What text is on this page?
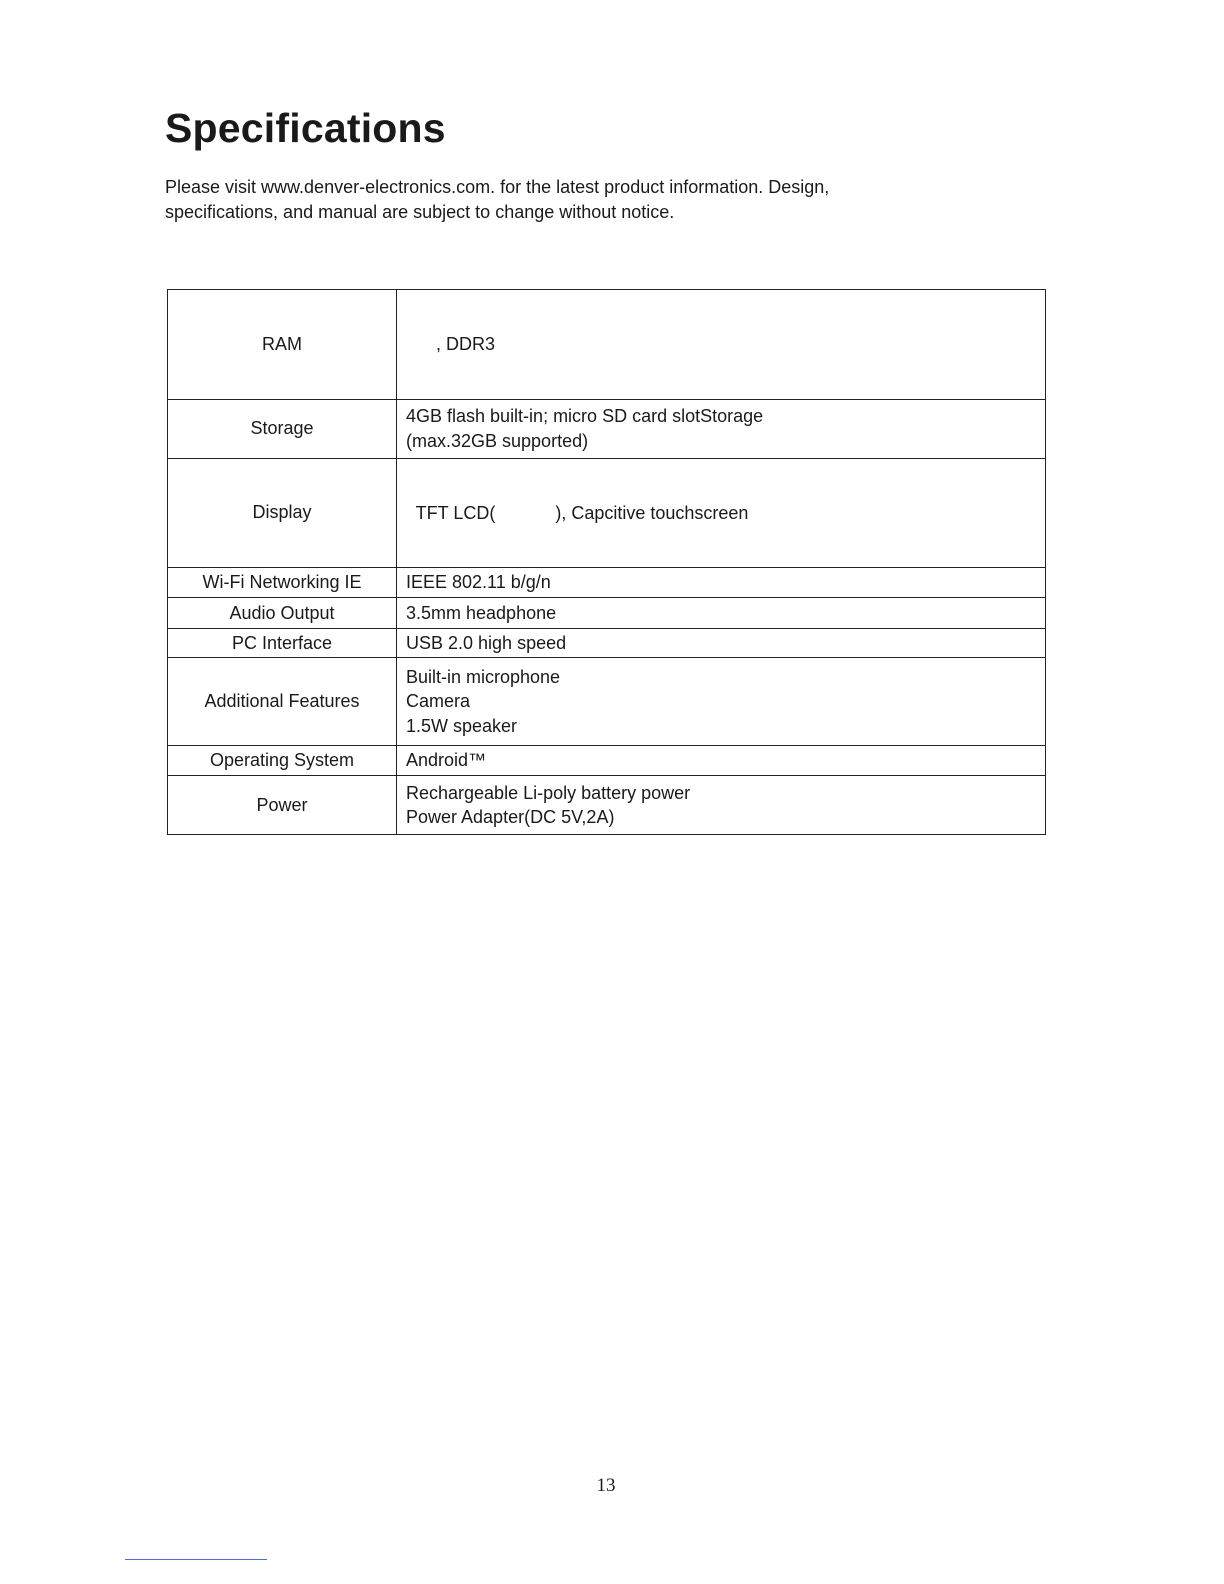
Specifications

Please visit www.denver-electronics.com. for the latest product information. Design,
specifications, and manual are subject to change without notice.

RAM	, DDR3

Storage	4GB flash built-in; micro SD card slotStorage
(max.32GB supported)

Display	TFT LCD(            ), Capcitive touchscreen

Wi-Fi Networking IE	IEEE 802.11 b/g/n

Audio Output	3.5mm headphone

PC Interface	USB 2.0 high speed

Additional Features	Built-in microphone
Camera
1.5W speaker

Operating System	Android™

Power	Rechargeable Li-poly battery power
Power Adapter(DC 5V,2A)
13
